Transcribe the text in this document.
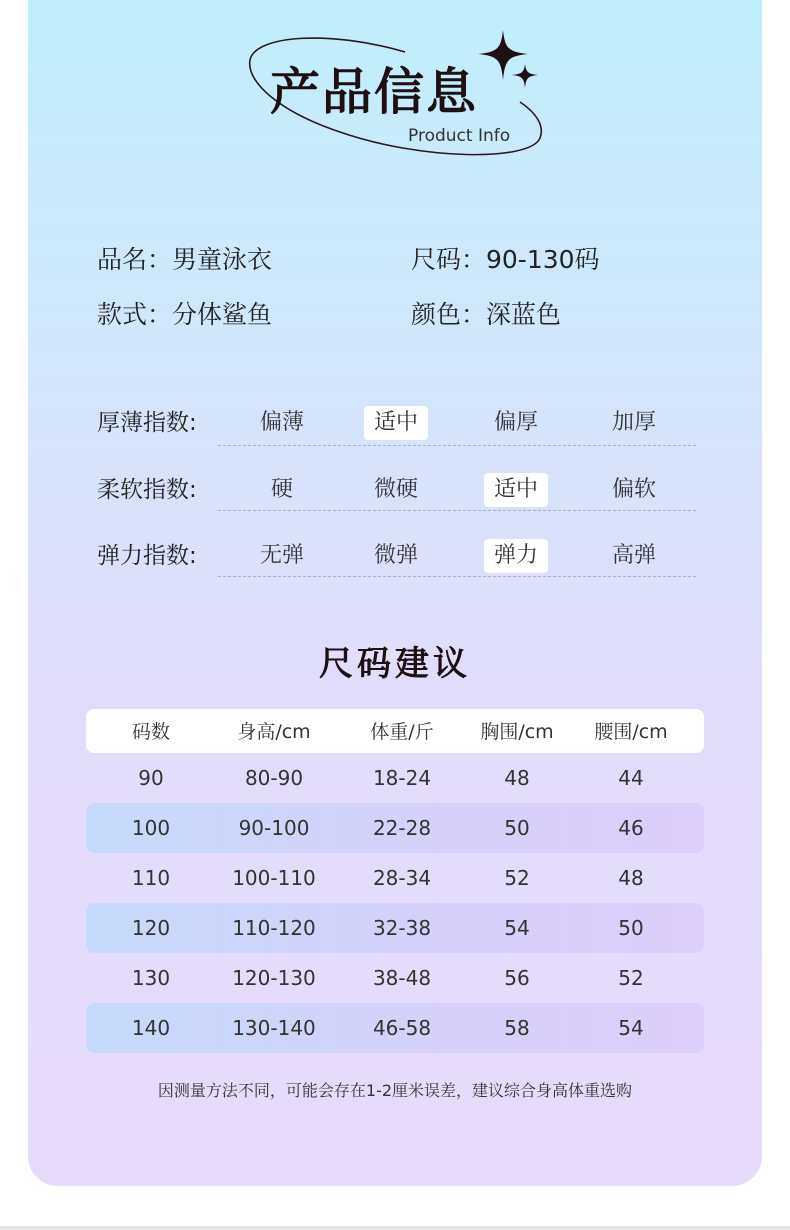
产品信息
Product Info
品名：男童泳衣	尺码：90-130码
款式：分体鲨鱼	颜色：深蓝色
厚薄指数:	偏薄	适中	偏厚	加厚
柔软指数:	硬	微硬	适中	偏软
弹力指数:	无弹	微弹	弹力	高弹
尺码建议
码数	身高/cm	体重/斤	胸围/cm	腰围/cm
90	80-90	18-24	48	44
100	90-100	22-28	50	46
110	100-110	28-34	52	48
120	110-120	32-38	54	50
130	120-130	38-48	56	52
140	130-140	46-58	58	54
因测量方法不同，可能会存在1-2厘米误差，建议综合身高体重选购
